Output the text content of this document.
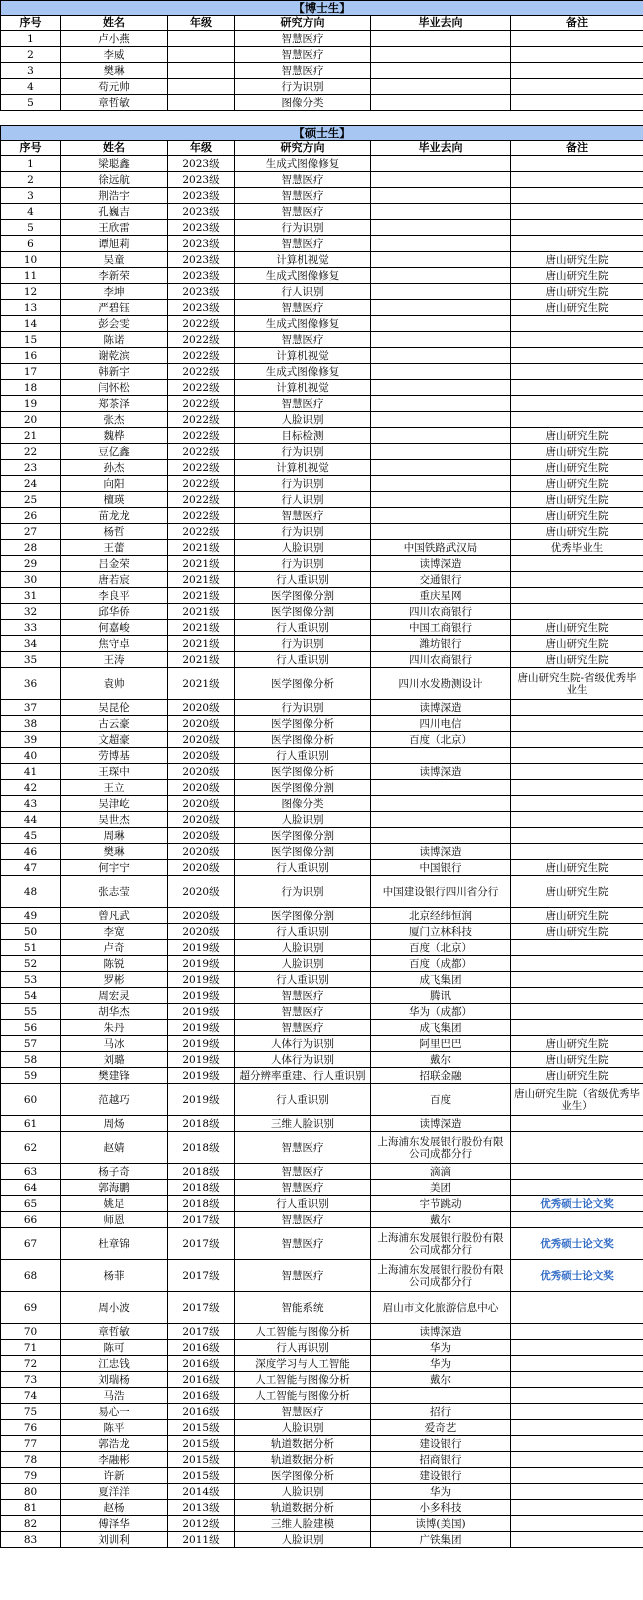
【博士生】					
序号	姓名	年级	研究方向	毕业去向	备注
1	卢小燕		智慧医疗		
2	李威		智慧医疗		
3	樊琳		智慧医疗		
4	苟元帅		行为识别		
5	章哲敏		图像分类		
【硕士生】					
序号	姓名	年级	研究方向	毕业去向	备注
1	梁聪鑫	2023级	生成式图像修复		
2	徐远航	2023级	智慧医疗		
3	荆浩宇	2023级	智慧医疗		
4	孔巍吉	2023级	智慧医疗		
5	王欣雷	2023级	行为识别		
6	谭旭莉	2023级	智慧医疗		
10	吴童	2023级	计算机视觉		唐山研究生院
11	李新荣	2023级	生成式图像修复		唐山研究生院
12	李坤	2023级	行人识别		唐山研究生院
13	严碧钰	2023级	智慧医疗		唐山研究生院
14	彭会雯	2022级	生成式图像修复		
15	陈诺	2022级	智慧医疗		
16	谢乾滨	2022级	计算机视觉		
17	韩新宇	2022级	生成式图像修复		
18	闫怀松	2022级	计算机视觉		
19	郑茶泽	2022级	智慧医疗		
20	张杰	2022级	人脸识别		
21	魏桦	2022级	目标检测		唐山研究生院
22	豆亿鑫	2022级	行为识别		唐山研究生院
23	孙杰	2022级	计算机视觉		唐山研究生院
24	向阳	2022级	行为识别		唐山研究生院
25	檀瑛	2022级	行人识别		唐山研究生院
26	苗龙龙	2022级	智慧医疗		唐山研究生院
27	杨哲	2022级	行为识别		唐山研究生院
28	王蕾	2021级	人脸识别	中国铁路武汉局	优秀毕业生
29	吕金荣	2021级	行为识别	读博深造	
30	唐若宸	2021级	行人重识别	交通银行	
31	李良平	2021级	医学图像分割	重庆星网	
32	邱华侨	2021级	医学图像分割	四川农商银行	
33	何嘉峻	2021级	行人重识别	中国工商银行	唐山研究生院
34	焦守卓	2021级	行为识别	潍坊银行	唐山研究生院
35	王涛	2021级	行人重识别	四川农商银行	唐山研究生院
36	袁帅	2021级	医学图像分析	四川水发勘测设计	唐山研究生院-省级优秀毕业生
37	吴昆伦	2020级	行为识别	读博深造	
38	古云豪	2020级	医学图像分析	四川电信	
39	文超豪	2020级	医学图像分析	百度（北京）	
40	劳博基	2020级	行人重识别		
41	王琛中	2020级	医学图像分析	读博深造	
42	王立	2020级	医学图像分割		
43	吴津屹	2020级	图像分类		
44	吴世杰	2020级	人脸识别		
45	周琳	2020级	医学图像分割		
46	樊琳	2020级	医学图像分割	读博深造	
47	何宇宁	2020级	行人重识别	中国银行	唐山研究生院
48	张志莹	2020级	行为识别	中国建设银行四川省分行	唐山研究生院
49	曾凡武	2020级	医学图像分割	北京经纬恒润	唐山研究生院
50	李宽	2020级	行人重识别	厦门立林科技	唐山研究生院
51	卢奇	2019级	人脸识别	百度（北京）	
52	陈锐	2019级	人脸识别	百度（成都）	
53	罗彬	2019级	行人重识别	成飞集团	
54	周宏灵	2019级	智慧医疗	腾讯	
55	胡华杰	2019级	智慧医疗	华为（成都）	
56	朱丹	2019级	智慧医疗	成飞集团	
57	马冰	2019级	人体行为识别	阿里巴巴	唐山研究生院
58	刘璐	2019级	人体行为识别	戴尔	唐山研究生院
59	樊建锋	2019级	超分辨率重建、行人重识别	招联金融	唐山研究生院
60	范越巧	2019级	行人重识别	百度	唐山研究生院（省级优秀毕业生）
61	周炀	2018级	三维人脸识别	读博深造	
62	赵婧	2018级	智慧医疗	上海浦东发展银行股份有限公司成都分行	
63	杨子奇	2018级	智慧医疗	滴滴	
64	郭海鹏	2018级	智慧医疗	美团	
65	姚足	2018级	行人重识别	宇节跳动	优秀硕士论文奖
66	师恩	2017级	智慧医疗	戴尔	
67	杜章锦	2017级	智慧医疗	上海浦东发展银行股份有限公司成都分行	优秀硕士论文奖
68	杨菲	2017级	智慧医疗	上海浦东发展银行股份有限公司成都分行	优秀硕士论文奖
69	周小波	2017级	智能系统	眉山市文化旅游信息中心	
70	章哲敏	2017级	人工智能与图像分析	读博深造	
71	陈可	2016级	行人再识别	华为	
72	江忠钱	2016级	深度学习与人工智能	华为	
73	刘瑞杨	2016级	人工智能与图像分析	戴尔	
74	马浩	2016级	人工智能与图像分析		
75	易心一	2016级	智慧医疗	招行	
76	陈平	2015级	人脸识别	爱奇艺	
77	郭浩龙	2015级	轨道数据分析	建设银行	
78	李融彬	2015级	轨道数据分析	招商银行	
79	许新	2015级	医学图像分析	建设银行	
80	夏洋洋	2014级	人脸识别	华为	
81	赵杨	2013级	轨道数据分析	小多科技	
82	傅泽华	2012级	三维人脸建模	读博(美国)	
83	刘训利	2011级	人脸识别	广铁集团	
